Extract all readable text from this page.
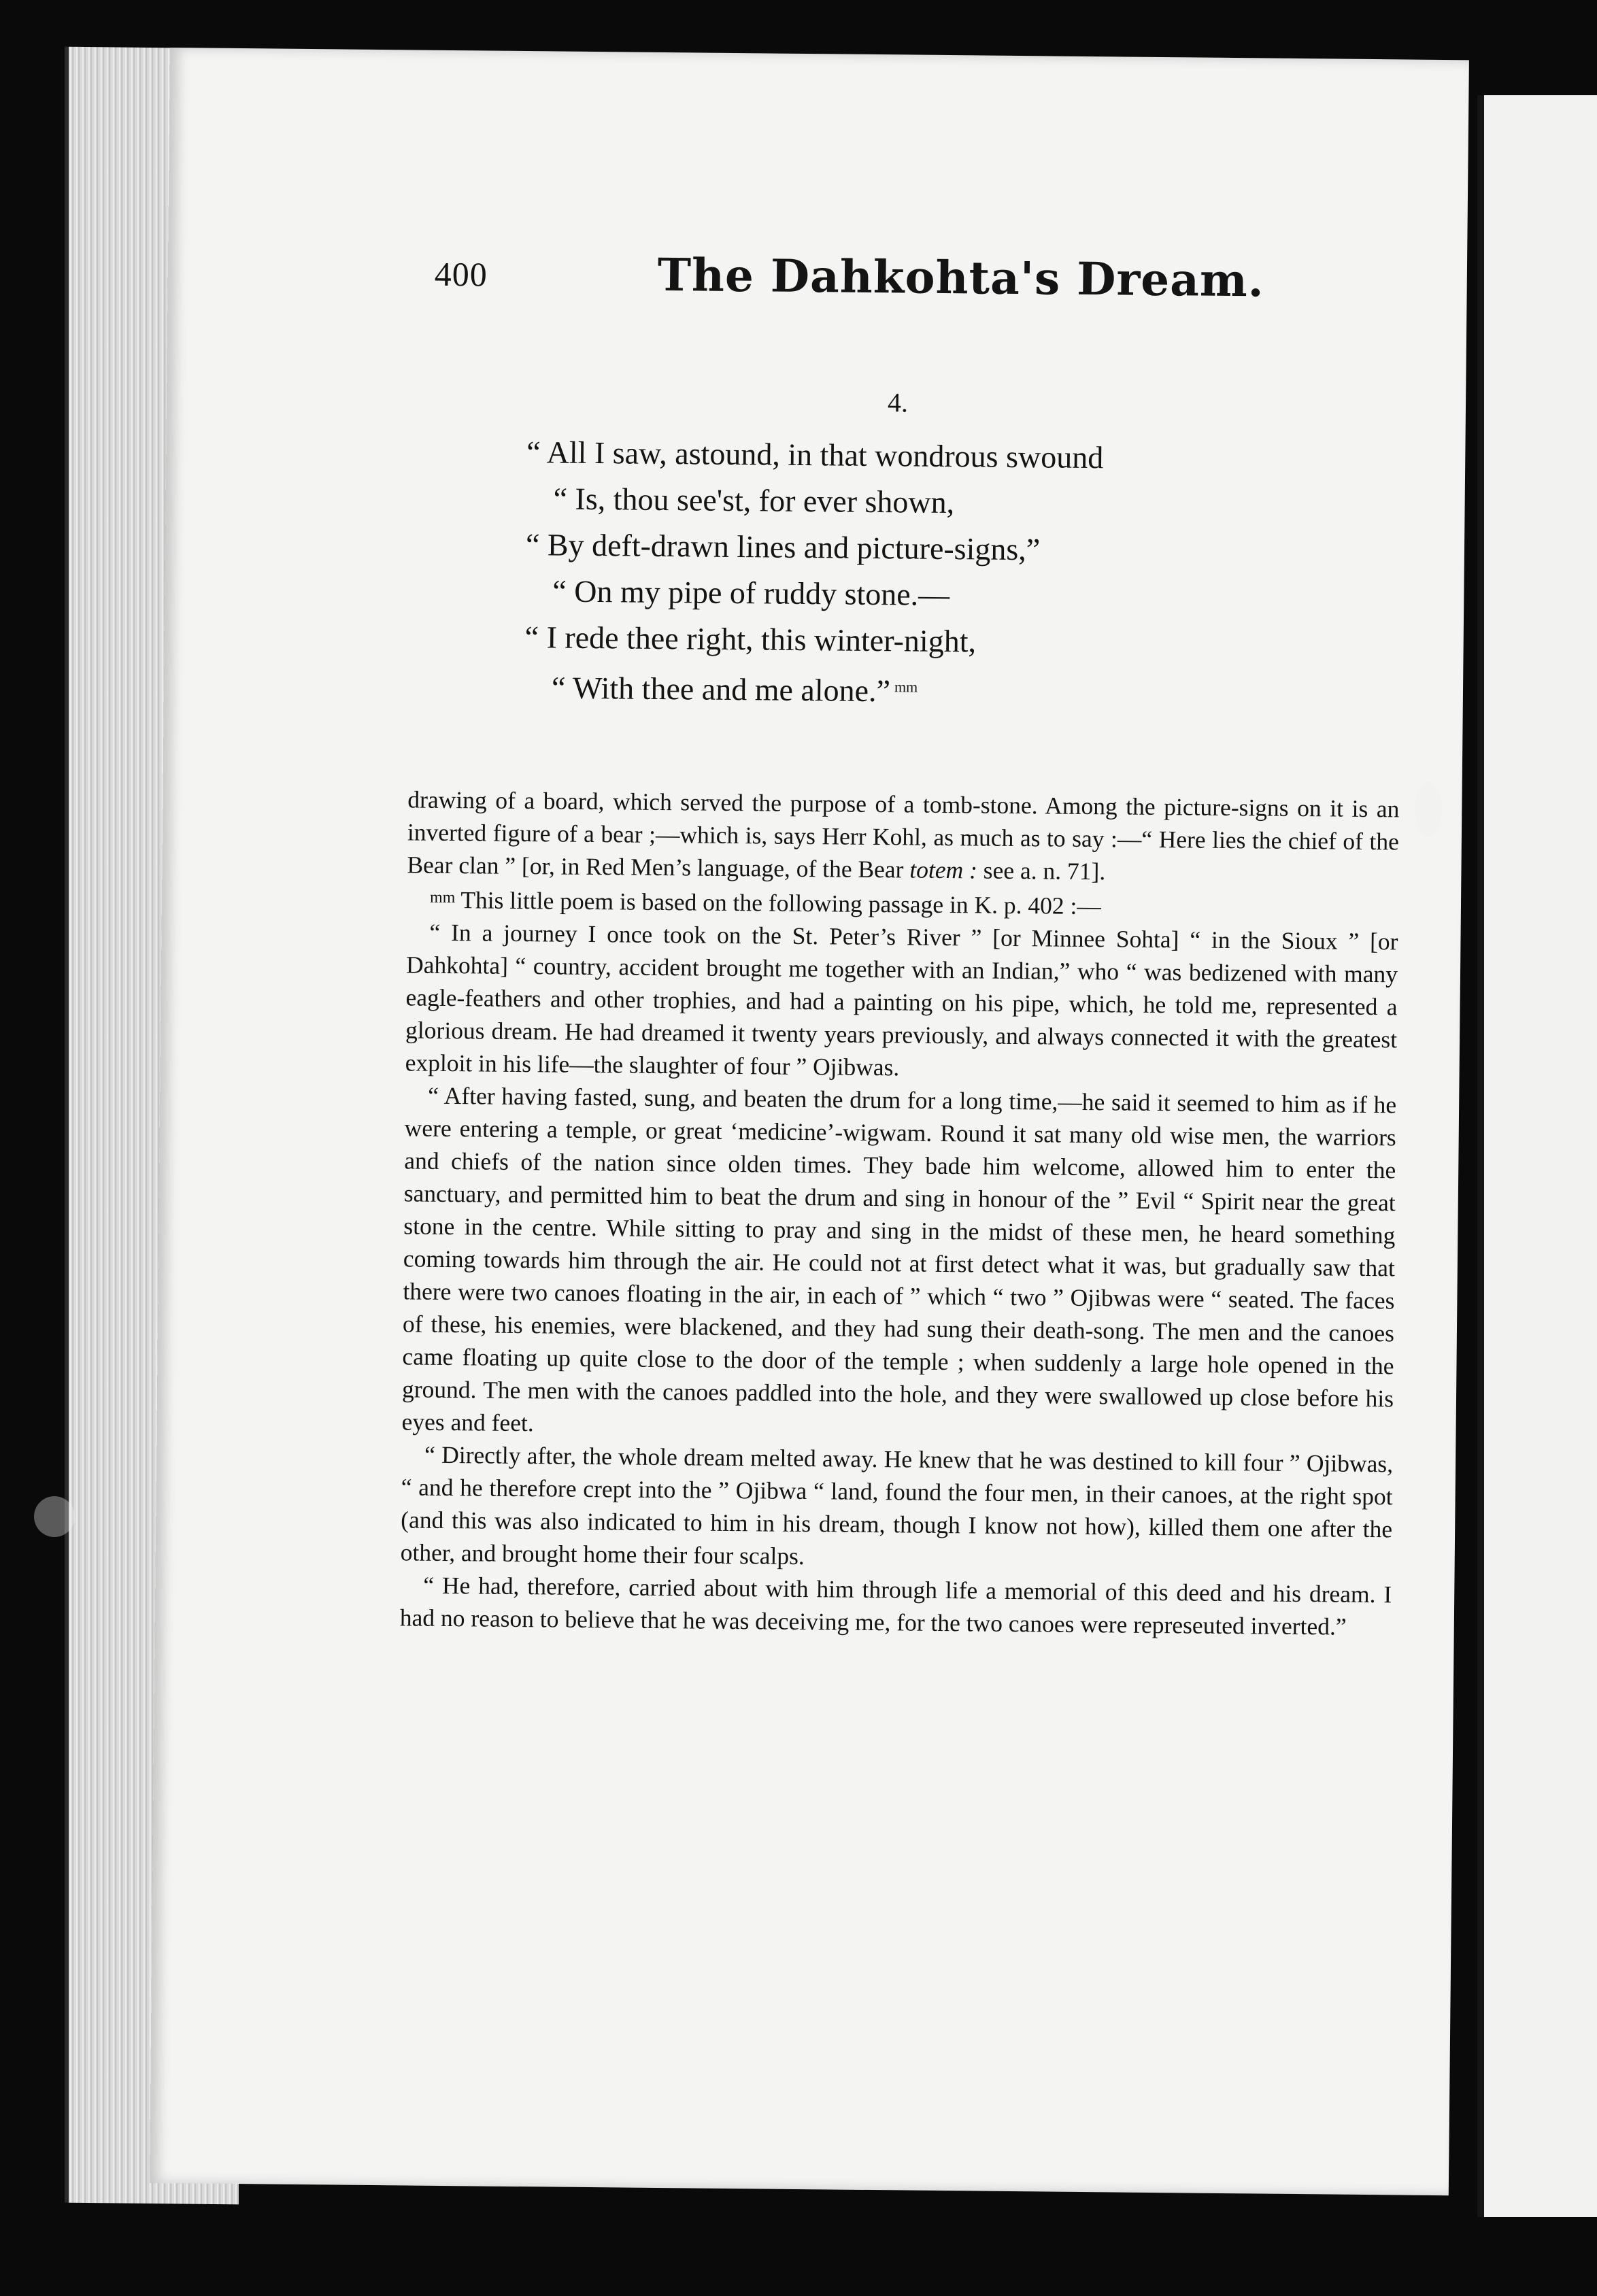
400	The Dahkohta's Dream.
4.
“ All I saw, astound, in that wondrous swound
“ Is, thou see'st, for ever shown,
“ By deft-drawn lines and picture-signs,”
“ On my pipe of ruddy stone.—
“ I rede thee right, this winter-night,
“ With thee and me alone.” $^{mm}$

drawing of a board, which served the purpose of a tomb-stone. Among the picture-signs on it is an inverted figure of a bear ;—which is, says Herr Kohl, as much as to say :—“ Here lies the chief of the Bear clan ” [or, in Red Men’s language, of the Bear totem : see a. n. 71].

$^{mm}$ This little poem is based on the following passage in K. p. 402 :—

“ In a journey I once took on the St. Peter’s River ” [or Minnee Sohta] “ in the Sioux ” [or Dahkohta] “ country, accident brought me together with an Indian,” who “ was bedizened with many eagle-feathers and other trophies, and had a painting on his pipe, which, he told me, represented a glorious dream. He had dreamed it twenty years previously, and always connected it with the greatest exploit in his life—the slaughter of four ” Ojibwas.

“ After having fasted, sung, and beaten the drum for a long time,—he said it seemed to him as if he were entering a temple, or great ‘medicine’-wigwam. Round it sat many old wise men, the warriors and chiefs of the nation since olden times. They bade him welcome, allowed him to enter the sanctuary, and permitted him to beat the drum and sing in honour of the ” Evil “ Spirit near the great stone in the centre. While sitting to pray and sing in the midst of these men, he heard something coming towards him through the air. He could not at first detect what it was, but gradually saw that there were two canoes floating in the air, in each of ” which “ two ” Ojibwas were “ seated. The faces of these, his enemies, were blackened, and they had sung their death-song. The men and the canoes came floating up quite close to the door of the temple ; when suddenly a large hole opened in the ground. The men with the canoes paddled into the hole, and they were swallowed up close before his eyes and feet.

“ Directly after, the whole dream melted away. He knew that he was destined to kill four ” Ojibwas, “ and he therefore crept into the ” Ojibwa “ land, found the four men, in their canoes, at the right spot (and this was also indicated to him in his dream, though I know not how), killed them one after the other, and brought home their four scalps.

“ He had, therefore, carried about with him through life a memorial of this deed and his dream. I had no reason to believe that he was deceiving me, for the two canoes were represeuted inverted.”
